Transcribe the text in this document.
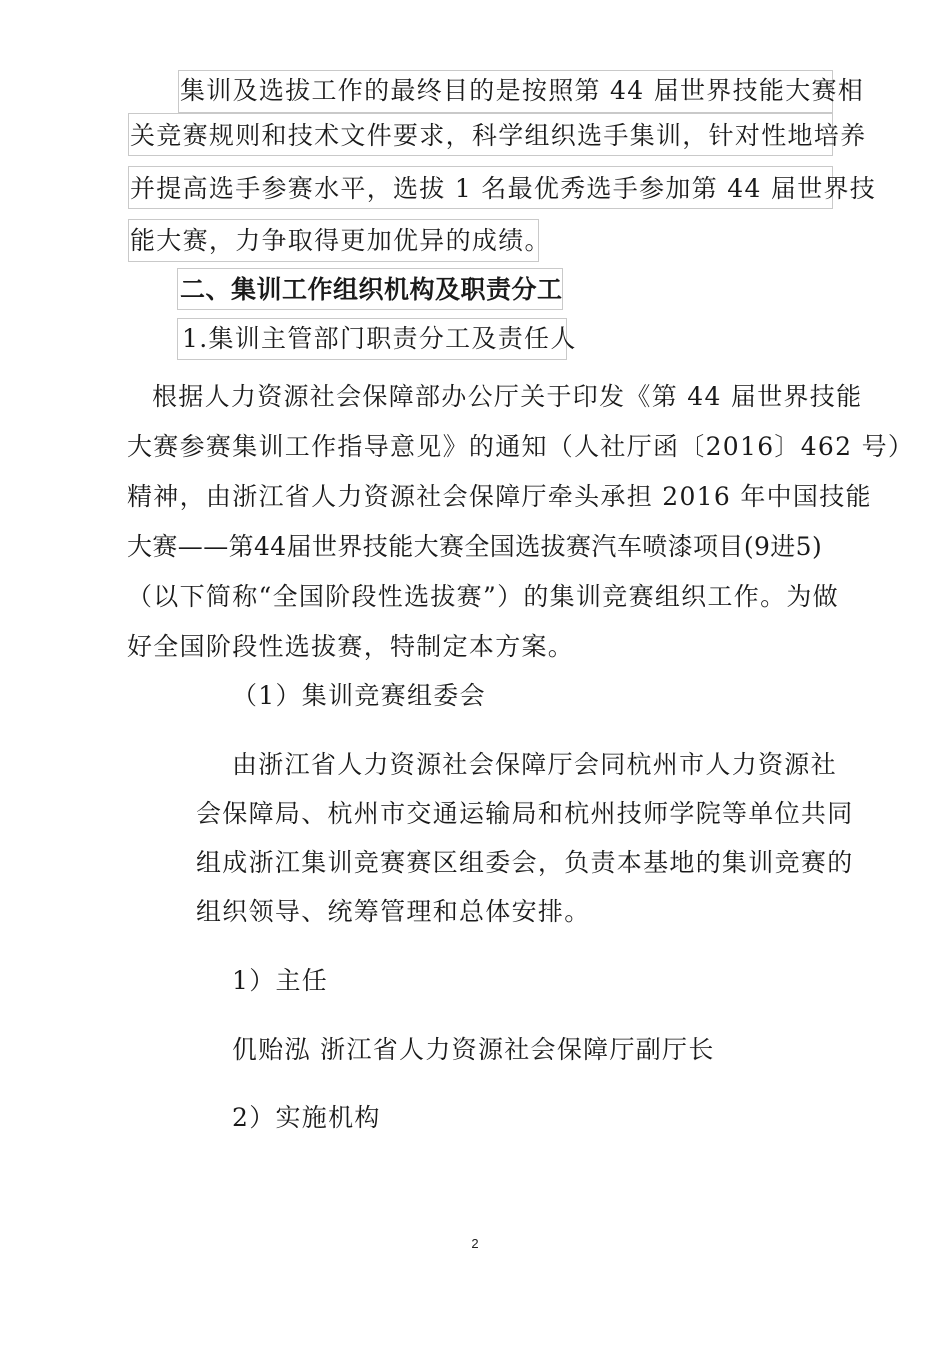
集训及选拔工作的最终目的是按照第 44 届世界技能大赛相
关竞赛规则和技术文件要求，科学组织选手集训，针对性地培养
并提高选手参赛水平，选拔 1 名最优秀选手参加第 44 届世界技
能大赛，力争取得更加优异的成绩。
二、集训工作组织机构及职责分工
1.集训主管部门职责分工及责任人
根据人力资源社会保障部办公厅关于印发《第 44 届世界技能
大赛参赛集训工作指导意见》的通知（人社厅函〔2016〕462 号）
精神，由浙江省人力资源社会保障厅牵头承担 2016 年中国技能
大赛——第44届世界技能大赛全国选拔赛汽车喷漆项目(9进5)
（以下简称“全国阶段性选拔赛”）的集训竞赛组织工作。为做
好全国阶段性选拔赛，特制定本方案。
（1）集训竞赛组委会
由浙江省人力资源社会保障厅会同杭州市人力资源社
会保障局、杭州市交通运输局和杭州技师学院等单位共同
组成浙江集训竞赛赛区组委会，负责本基地的集训竞赛的
组织领导、统筹管理和总体安排。
1）主任
仉贻泓 浙江省人力资源社会保障厅副厅长
2）实施机构
2
